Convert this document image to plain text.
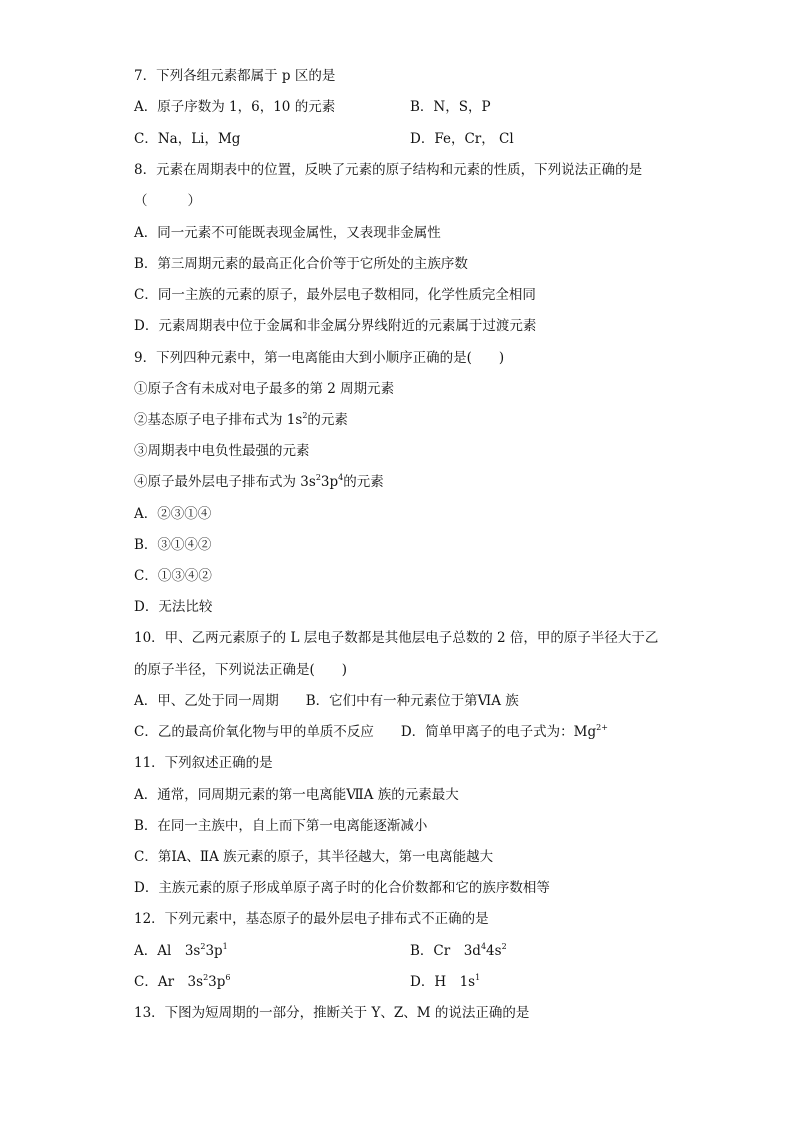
7．下列各组元素都属于 p 区的是
A．原子序数为 1，6，10 的元素	B．N，S，P
C．Na，Li，Mg	D．Fe，Cr， Cl
8．元素在周期表中的位置，反映了元素的原子结构和元素的性质，下列说法正确的是
（	）
A．同一元素不可能既表现金属性，又表现非金属性
B．第三周期元素的最高正化合价等于它所处的主族序数
C．同一主族的元素的原子，最外层电子数相同，化学性质完全相同
D．元素周期表中位于金属和非金属分界线附近的元素属于过渡元素
9．下列四种元素中，第一电离能由大到小顺序正确的是(　　)
①原子含有未成对电子最多的第 2 周期元素
②基态原子电子排布式为 $1s^2$的元素
③周期表中电负性最强的元素
④原子最外层电子排布式为 $3s^23p^4$的元素
A．②③①④
B．③①④②
C．①③④②
D．无法比较
10．甲、乙两元素原子的 L 层电子数都是其他层电子总数的 2 倍，甲的原子半径大于乙
的原子半径，下列说法正确是(　　)
A．甲、乙处于同一周期　　B．它们中有一种元素位于第ⅥA 族
C．乙的最高价氧化物与甲的单质不反应　　D．简单甲离子的电子式为：$Mg^{2+}$
11．下列叙述正确的是
A．通常，同周期元素的第一电离能ⅦA 族的元素最大
B．在同一主族中，自上而下第一电离能逐渐减小
C．第ⅠA、ⅡA 族元素的原子，其半径越大，第一电离能越大
D．主族元素的原子形成单原子离子时的化合价数都和它的族序数相等
12．下列元素中，基态原子的最外层电子排布式不正确的是
A．Al　$3s^23p^1$	B．Cr　$3d^44s^2$
C．Ar　$3s^23p^6$	D．H　$1s^1$
13．下图为短周期的一部分，推断关于 Y、Z、M 的说法正确的是
